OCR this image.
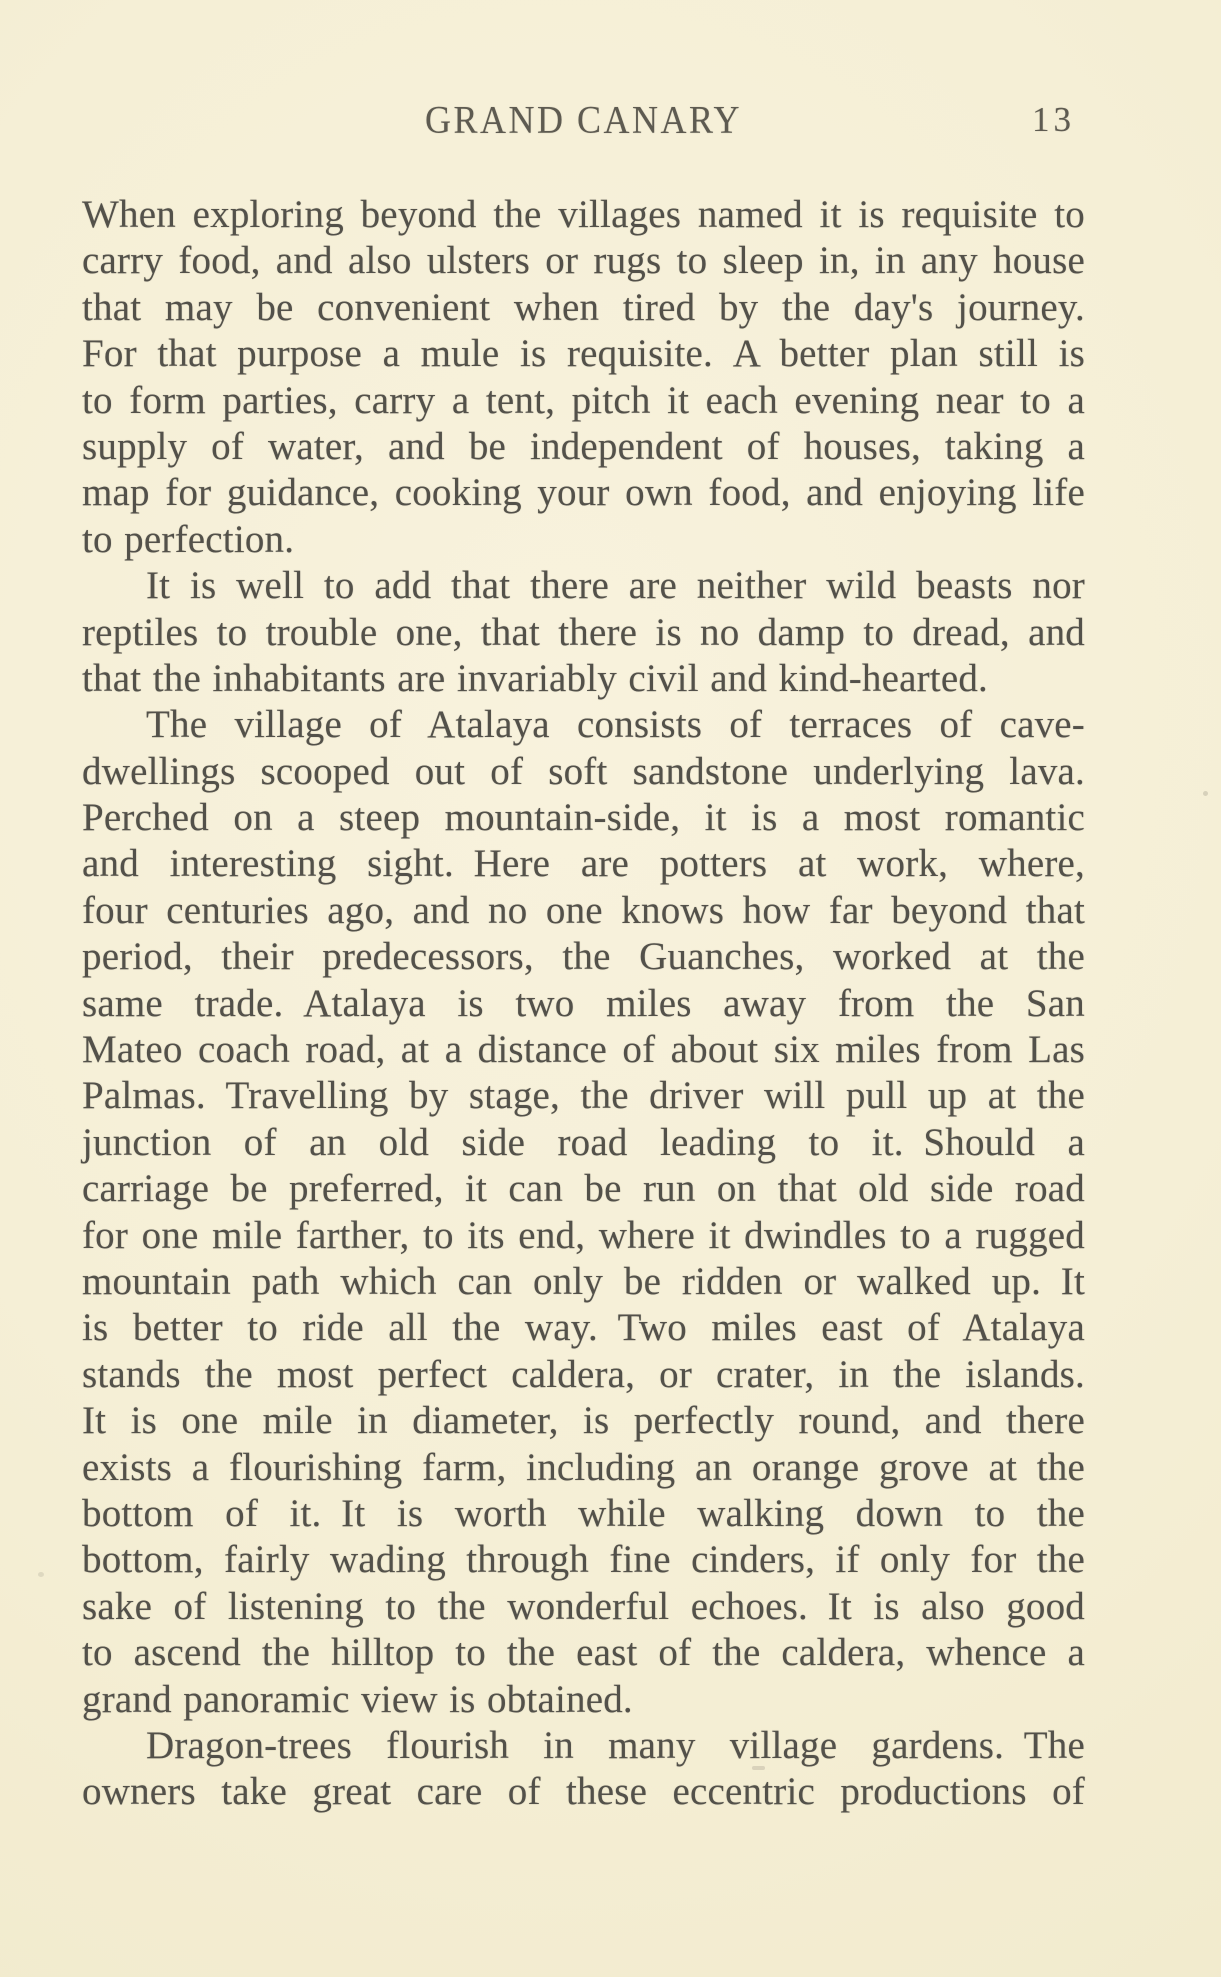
GRAND CANARY	13
When exploring beyond the villages named it is requisite to
carry food, and also ulsters or rugs to sleep in, in any house
that may be convenient when tired by the day's journey.
For that purpose a mule is requisite. A better plan still is
to form parties, carry a tent, pitch it each evening near to a
supply of water, and be independent of houses, taking a
map for guidance, cooking your own food, and enjoying life
to perfection.
It is well to add that there are neither wild beasts nor
reptiles to trouble one, that there is no damp to dread, and
that the inhabitants are invariably civil and kind-hearted.
The village of Atalaya consists of terraces of cave-
dwellings scooped out of soft sandstone underlying lava.
Perched on a steep mountain-side, it is a most romantic
and interesting sight. Here are potters at work, where,
four centuries ago, and no one knows how far beyond that
period, their predecessors, the Guanches, worked at the
same trade. Atalaya is two miles away from the San
Mateo coach road, at a distance of about six miles from Las
Palmas. Travelling by stage, the driver will pull up at the
junction of an old side road leading to it. Should a
carriage be preferred, it can be run on that old side road
for one mile farther, to its end, where it dwindles to a rugged
mountain path which can only be ridden or walked up. It
is better to ride all the way. Two miles east of Atalaya
stands the most perfect caldera, or crater, in the islands.
It is one mile in diameter, is perfectly round, and there
exists a flourishing farm, including an orange grove at the
bottom of it. It is worth while walking down to the
bottom, fairly wading through fine cinders, if only for the
sake of listening to the wonderful echoes. It is also good
to ascend the hilltop to the east of the caldera, whence a
grand panoramic view is obtained.
Dragon-trees flourish in many village gardens. The
owners take great care of these eccentric productions of
